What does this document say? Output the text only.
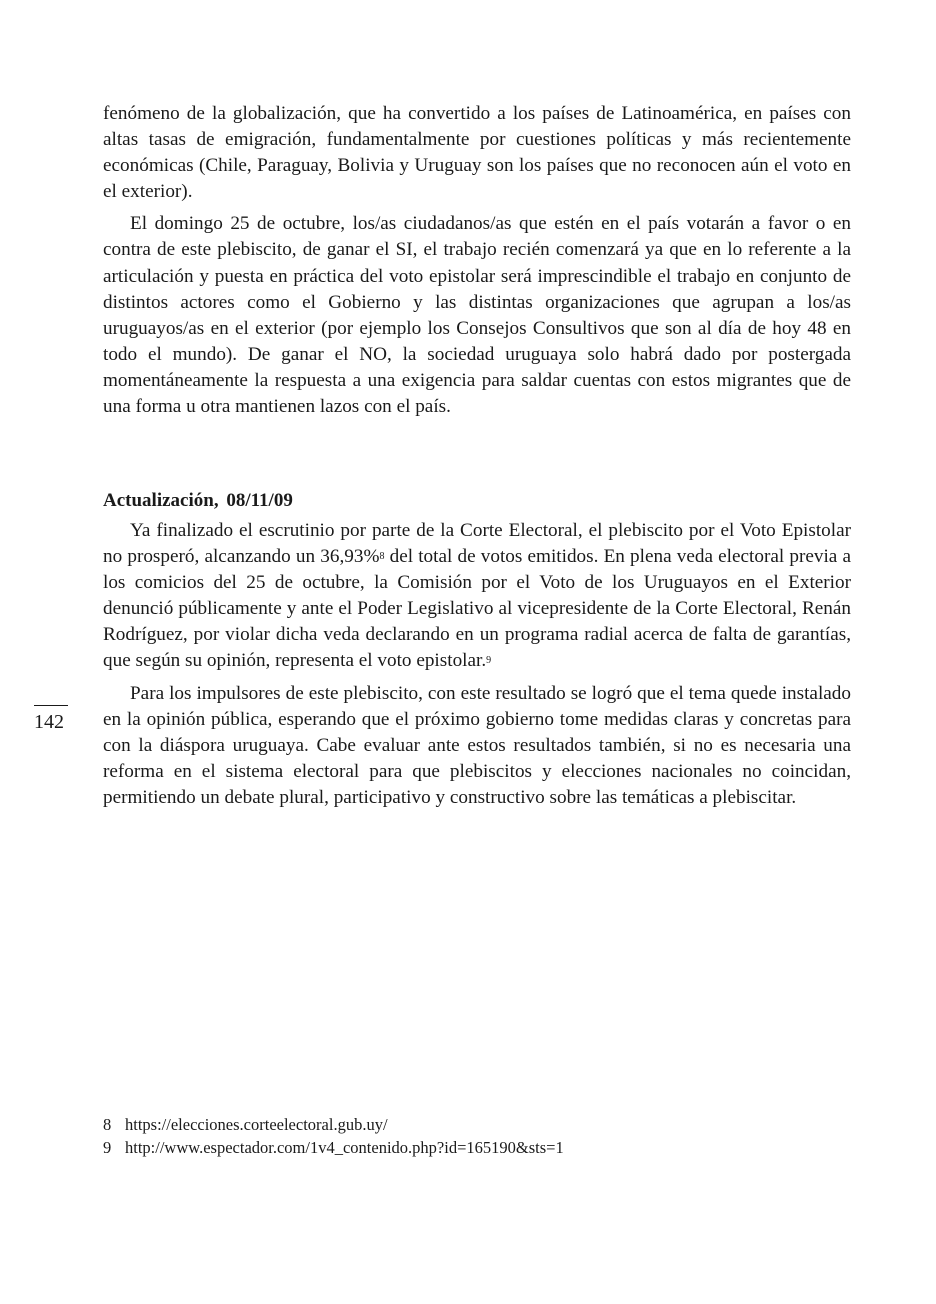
fenómeno de la globalización, que ha convertido a los países de Latinoamérica, en países con altas tasas de emigración, fundamentalmente por cuestiones políticas y más recientemente económicas (Chile, Paraguay, Bolivia y Uruguay son los países que no reconocen aún el voto en el exterior).

El domingo 25 de octubre, los/as ciudadanos/as que estén en el país votarán a favor o en contra de este plebiscito, de ganar el SI, el trabajo recién comenzará ya que en lo referente a la articulación y puesta en práctica del voto epistolar será imprescindible el trabajo en conjunto de distintos actores como el Gobierno y las distintas organizaciones que agrupan a los/as uruguayos/as en el exterior (por ejemplo los Consejos Consultivos que son al día de hoy 48 en todo el mundo). De ganar el NO, la sociedad uruguaya solo habrá dado por postergada momentáneamente la respuesta a una exigencia para saldar cuentas con estos migrantes que de una forma u otra mantienen lazos con el país.

Actualización, 08/11/09

Ya finalizado el escrutinio por parte de la Corte Electoral, el plebiscito por el Voto Epistolar no prosperó, alcanzando un 36,93%$^8$ del total de votos emitidos. En plena veda electoral previa a los comicios del 25 de octubre, la Comisión por el Voto de los Uruguayos en el Exterior denunció públicamente y ante el Poder Legislativo al vicepresidente de la Corte Electoral, Renán Rodríguez, por violar dicha veda declarando en un programa radial acerca de falta de garantías, que según su opinión, representa el voto epistolar.$^9$

Para los impulsores de este plebiscito, con este resultado se logró que el tema quede instalado en la opinión pública, esperando que el próximo gobierno tome medidas claras y concretas para con la diáspora uruguaya. Cabe evaluar ante estos resultados también, si no es necesaria una reforma en el sistema electoral para que plebiscitos y elecciones nacionales no coincidan, permitiendo un debate plural, participativo y constructivo sobre las temáticas a plebiscitar.

142
8 https://elecciones.corteelectoral.gub.uy/
9 http://www.espectador.com/1v4_contenido.php?id=165190&sts=1
